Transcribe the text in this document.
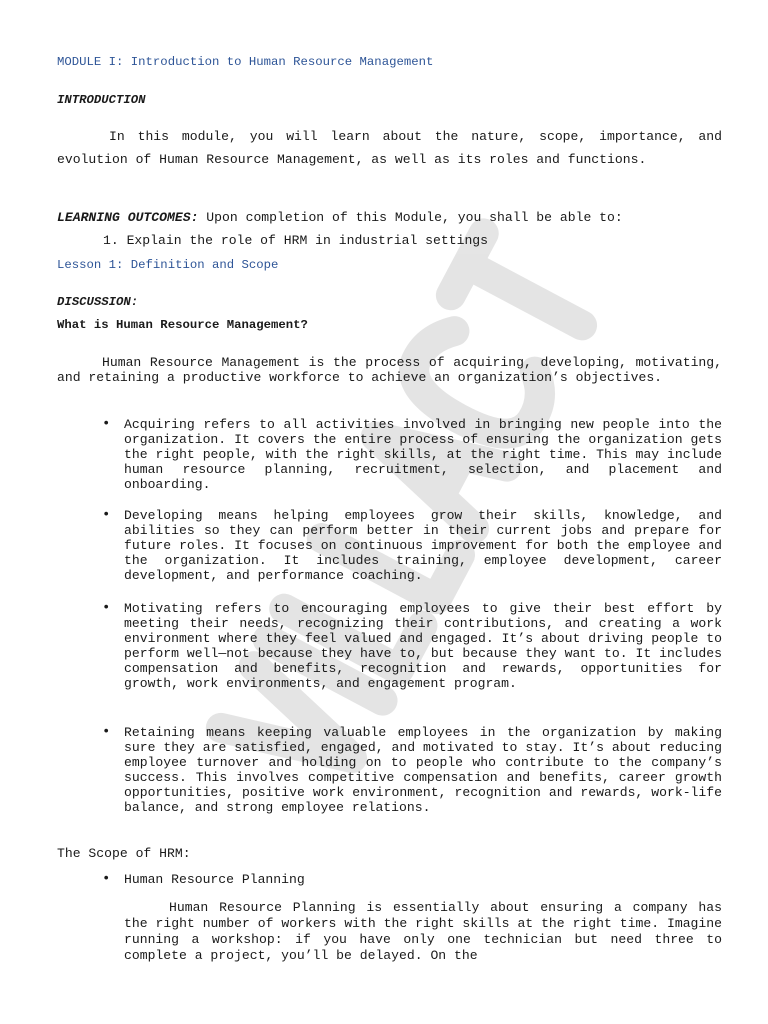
MODULE I: Introduction to Human Resource Management
INTRODUCTION

In this module, you will learn about the nature, scope, importance, and evolution of Human Resource Management, as well as its roles and functions.

LEARNING OUTCOMES: Upon completion of this Module, you shall be able to:
1. Explain the role of HRM in industrial settings
Lesson 1: Definition and Scope
DISCUSSION:
What is Human Resource Management?

Human Resource Management is the process of acquiring, developing, motivating, and retaining a productive workforce to achieve an organization’s objectives.

• Acquiring refers to all activities involved in bringing new people into the organization. It covers the entire process of ensuring the organization gets the right people, with the right skills, at the right time. This may include human resource planning, recruitment, selection, and placement and onboarding.

• Developing means helping employees grow their skills, knowledge, and abilities so they can perform better in their current jobs and prepare for future roles. It focuses on continuous improvement for both the employee and the organization. It includes training, employee development, career development, and performance coaching.

• Motivating refers to encouraging employees to give their best effort by meeting their needs, recognizing their contributions, and creating a work environment where they feel valued and engaged. It’s about driving people to perform well—not because they have to, but because they want to. It includes compensation and benefits, recognition and rewards, opportunities for growth, work environments, and engagement program.

• Retaining means keeping valuable employees in the organization by making sure they are satisfied, engaged, and motivated to stay. It’s about reducing employee turnover and holding on to people who contribute to the company’s success. This involves competitive compensation and benefits, career growth opportunities, positive work environment, recognition and rewards, work-life balance, and strong employee relations.

The Scope of HRM:
• Human Resource Planning

Human Resource Planning is essentially about ensuring a company has the right number of workers with the right skills at the right time. Imagine running a workshop: if you have only one technician but need three to complete a project, you’ll be delayed. On the
